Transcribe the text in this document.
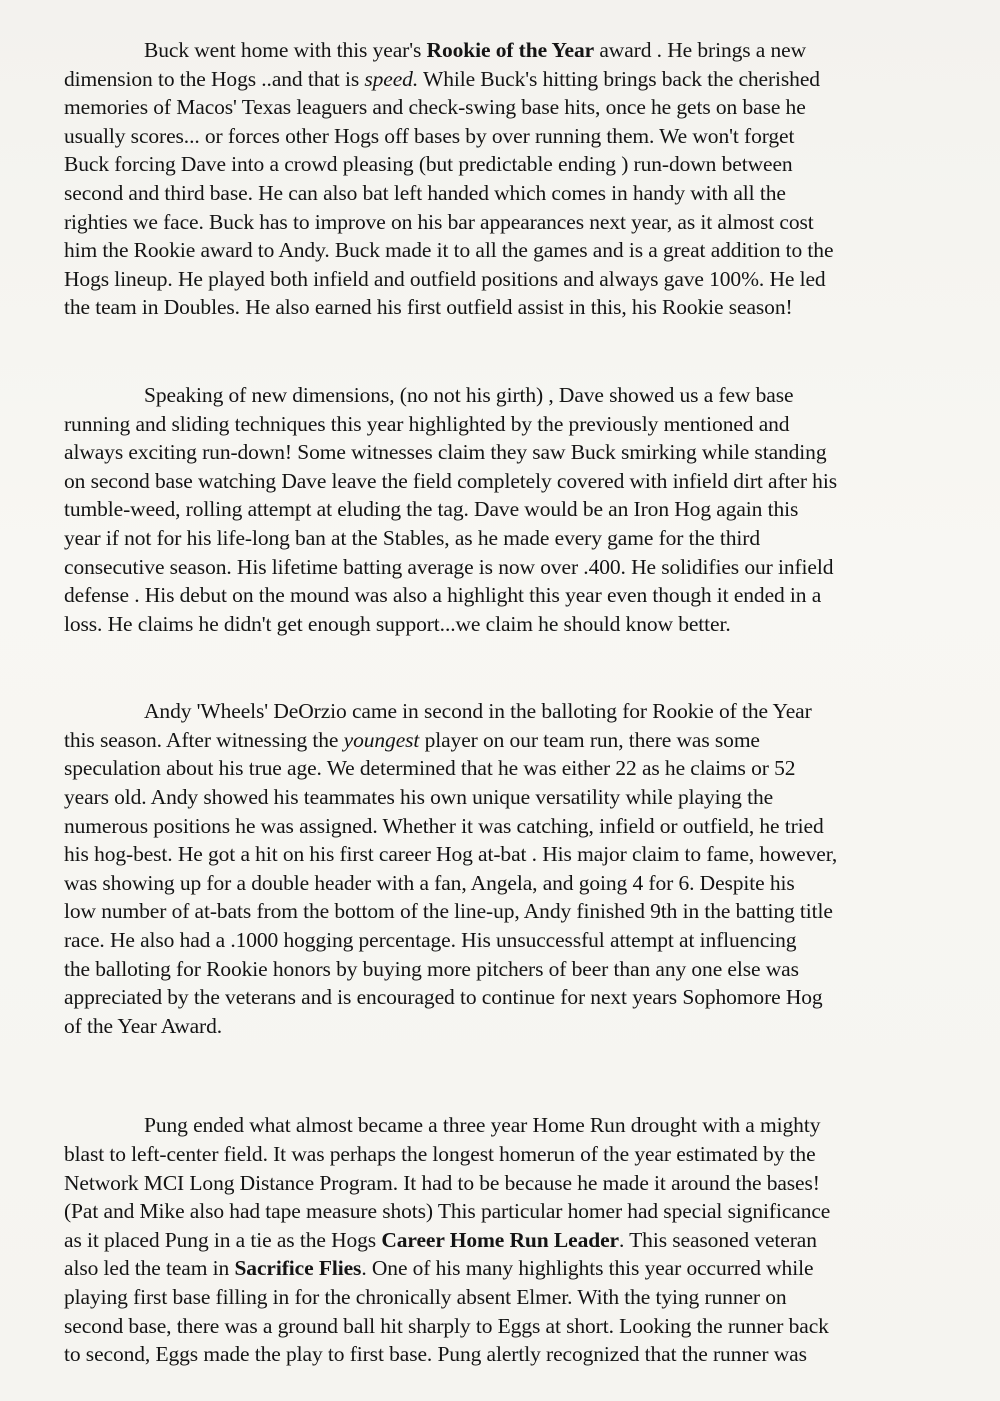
Buck went home with this year's Rookie of the Year award . He brings a new
dimension to the Hogs ..and that is speed. While Buck's hitting brings back the cherished
memories of Macos' Texas leaguers and check-swing base hits, once he gets on base he
usually scores... or forces other Hogs off bases by over running them. We won't forget
Buck forcing Dave into a crowd pleasing (but predictable ending ) run-down between
second and third base. He can also bat left handed which comes in handy with all the
righties we face. Buck has to improve on his bar appearances next year, as it almost cost
him the Rookie award to Andy. Buck made it to all the games and is a great addition to the
Hogs lineup. He played both infield and outfield positions and always gave 100%. He led
the team in Doubles. He also earned his first outfield assist in this, his Rookie season!

Speaking of new dimensions, (no not his girth) , Dave showed us a few base
running and sliding techniques this year highlighted by the previously mentioned and
always exciting run-down! Some witnesses claim they saw Buck smirking while standing
on second base watching Dave leave the field completely covered with infield dirt after his
tumble-weed, rolling attempt at eluding the tag. Dave would be an Iron Hog again this
year if not for his life-long ban at the Stables, as he made every game for the third
consecutive season. His lifetime batting average is now over .400. He solidifies our infield
defense . His debut on the mound was also a highlight this year even though it ended in a
loss. He claims he didn't get enough support...we claim he should know better.

Andy 'Wheels' DeOrzio came in second in the balloting for Rookie of the Year
this season. After witnessing the youngest player on our team run, there was some
speculation about his true age. We determined that he was either 22 as he claims or 52
years old. Andy showed his teammates his own unique versatility while playing the
numerous positions he was assigned. Whether it was catching, infield or outfield, he tried
his hog-best. He got a hit on his first career Hog at-bat . His major claim to fame, however,
was showing up for a double header with a fan, Angela, and going 4 for 6. Despite his
low number of at-bats from the bottom of the line-up, Andy finished 9th in the batting title
race. He also had a .1000 hogging percentage. His unsuccessful attempt at influencing
the balloting for Rookie honors by buying more pitchers of beer than any one else was
appreciated by the veterans and is encouraged to continue for next years Sophomore Hog
of the Year Award.

Pung ended what almost became a three year Home Run drought with a mighty
blast to left-center field. It was perhaps the longest homerun of the year estimated by the
Network MCI Long Distance Program. It had to be because he made it around the bases!
(Pat and Mike also had tape measure shots) This particular homer had special significance
as it placed Pung in a tie as the Hogs Career Home Run Leader. This seasoned veteran
also led the team in Sacrifice Flies. One of his many highlights this year occurred while
playing first base filling in for the chronically absent Elmer. With the tying runner on
second base, there was a ground ball hit sharply to Eggs at short. Looking the runner back
to second, Eggs made the play to first base. Pung alertly recognized that the runner was
